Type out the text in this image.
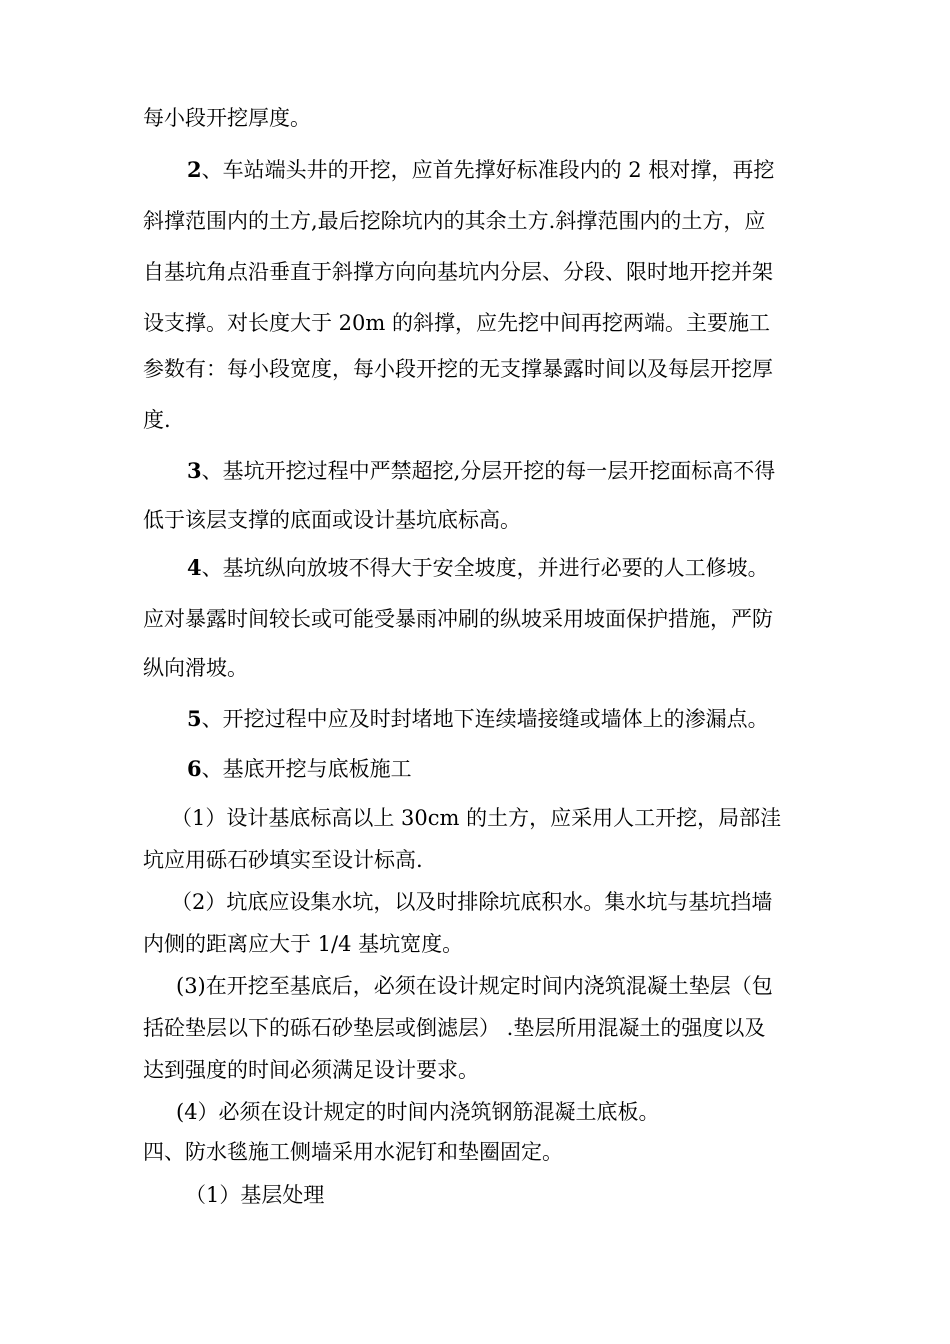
每小段开挖厚度。
2、车站端头井的开挖，应首先撑好标准段内的 2 根对撑，再挖
斜撑范围内的土方,最后挖除坑内的其余土方.斜撑范围内的土方，应
自基坑角点沿垂直于斜撑方向向基坑内分层、分段、限时地开挖并架
设支撑。对长度大于 20m 的斜撑，应先挖中间再挖两端。主要施工
参数有：每小段宽度，每小段开挖的无支撑暴露时间以及每层开挖厚
度.
3、基坑开挖过程中严禁超挖,分层开挖的每一层开挖面标高不得
低于该层支撑的底面或设计基坑底标高。
4、基坑纵向放坡不得大于安全坡度，并进行必要的人工修坡。
应对暴露时间较长或可能受暴雨冲刷的纵坡采用坡面保护措施，严防
纵向滑坡。
5、开挖过程中应及时封堵地下连续墙接缝或墙体上的渗漏点。
6、基底开挖与底板施工
（1）设计基底标高以上 30cm 的土方，应采用人工开挖，局部洼
坑应用砾石砂填实至设计标高.
（2）坑底应设集水坑，以及时排除坑底积水。集水坑与基坑挡墙
内侧的距离应大于 1/4 基坑宽度。
(3)在开挖至基底后，必须在设计规定时间内浇筑混凝土垫层（包
括砼垫层以下的砾石砂垫层或倒滤层） .垫层所用混凝土的强度以及
达到强度的时间必须满足设计要求。
(4）必须在设计规定的时间内浇筑钢筋混凝土底板。
四、防水毯施工侧墙采用水泥钉和垫圈固定。
（1）基层处理
